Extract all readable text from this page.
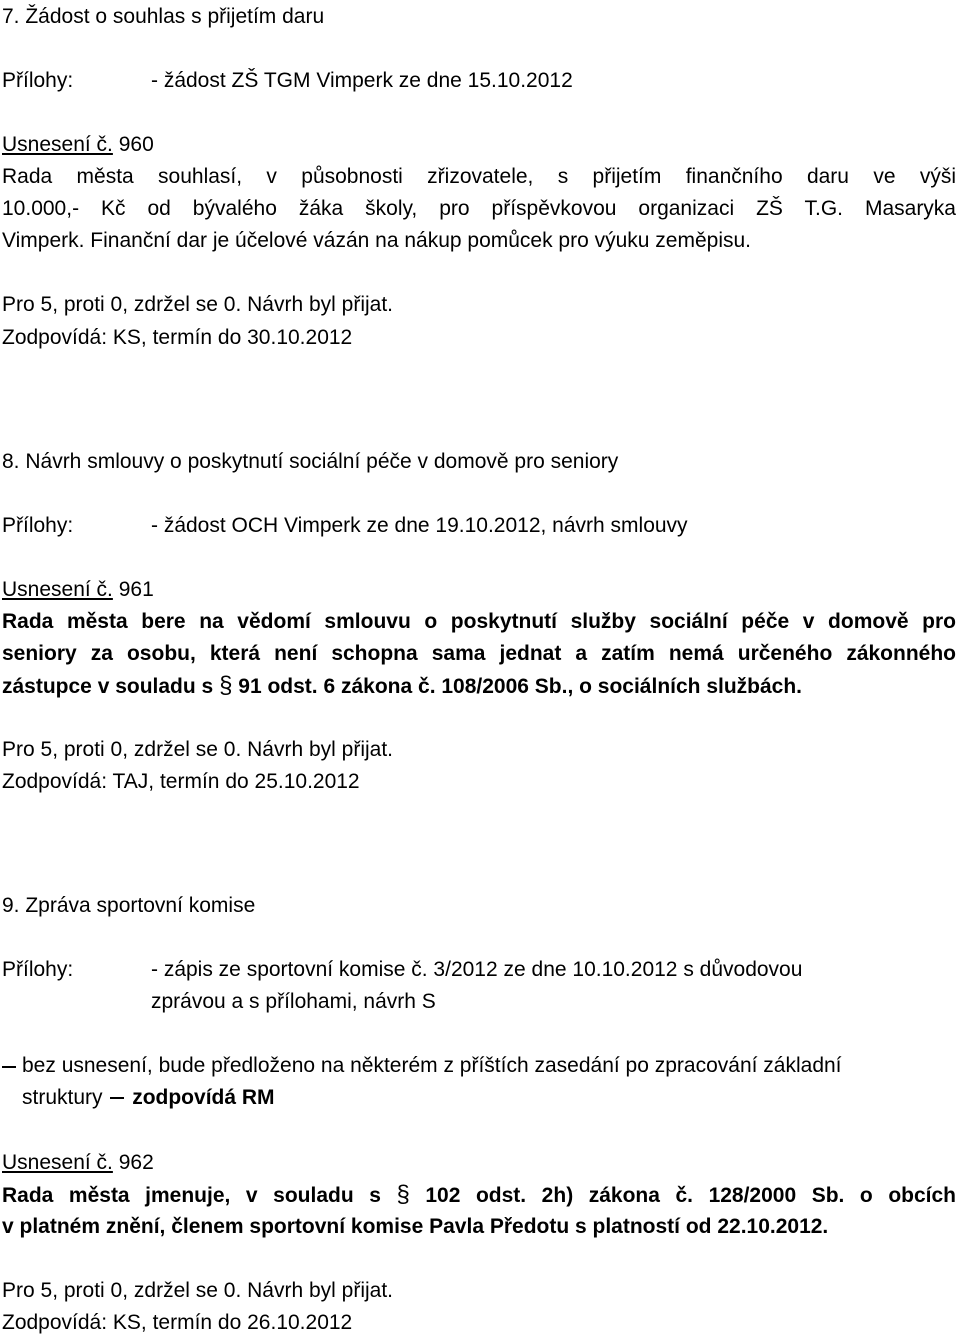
7. Žádost o souhlas s přijetím daru
Přílohy:	- žádost ZŠ TGM Vimperk ze dne 15.10.2012
Usnesení č. 960
Rada města souhlasí, v působnosti zřizovatele, s přijetím finančního daru ve výši
10.000,- Kč od bývalého žáka školy, pro příspěvkovou organizaci ZŠ T.G. Masaryka
Vimperk. Finanční dar je účelové vázán na nákup pomůcek pro výuku zeměpisu.
Pro 5, proti 0, zdržel se 0. Návrh byl přijat.
Zodpovídá: KS, termín do 30.10.2012
8. Návrh smlouvy o poskytnutí sociální péče v domově pro seniory
Přílohy:	- žádost OCH Vimperk ze dne 19.10.2012, návrh smlouvy
Usnesení č. 961
Rada města bere na vědomí smlouvu o poskytnutí služby sociální péče v domově pro
seniory za osobu, která není schopna sama jednat a zatím nemá určeného zákonného
zástupce v souladu s § 91 odst. 6 zákona č. 108/2006 Sb., o sociálních službách.
Pro 5, proti 0, zdržel se 0. Návrh byl přijat.
Zodpovídá: TAJ, termín do 25.10.2012
9. Zpráva sportovní komise
Přílohy:	- zápis ze sportovní komise č. 3/2012 ze dne 10.10.2012 s důvodovou
zprávou a s přílohami, návrh S
bez usnesení, bude předloženo na některém z příštích zasedání po zpracování základní
struktury zodpovídá RM
Usnesení č. 962
Rada města jmenuje, v souladu s § 102 odst. 2h) zákona č. 128/2000 Sb. o obcích
v platném znění, členem sportovní komise Pavla Předotu s platností od 22.10.2012.
Pro 5, proti 0, zdržel se 0. Návrh byl přijat.
Zodpovídá: KS, termín do 26.10.2012
